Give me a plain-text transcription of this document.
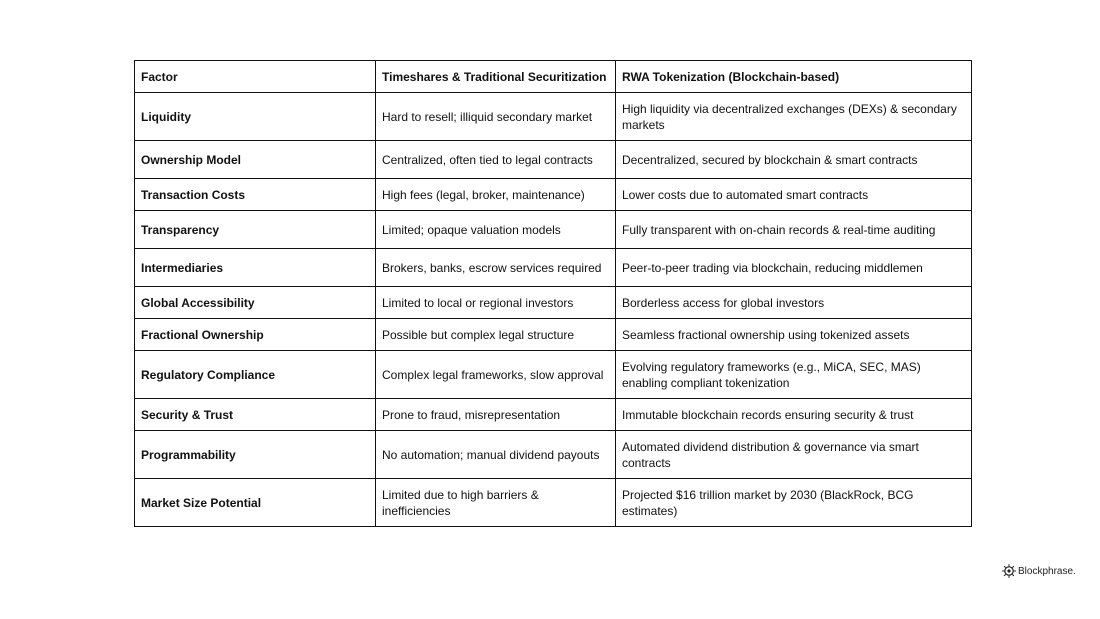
Factor	Timeshares & Traditional Securitization	RWA Tokenization (Blockchain-based)
Liquidity	Hard to resell; illiquid secondary market	High liquidity via decentralized exchanges (DEXs) & secondary markets
Ownership Model	Centralized, often tied to legal contracts	Decentralized, secured by blockchain & smart contracts
Transaction Costs	High fees (legal, broker, maintenance)	Lower costs due to automated smart contracts
Transparency	Limited; opaque valuation models	Fully transparent with on-chain records & real-time auditing
Intermediaries	Brokers, banks, escrow services required	Peer-to-peer trading via blockchain, reducing middlemen
Global Accessibility	Limited to local or regional investors	Borderless access for global investors
Fractional Ownership	Possible but complex legal structure	Seamless fractional ownership using tokenized assets
Regulatory Compliance	Complex legal frameworks, slow approval	Evolving regulatory frameworks (e.g., MiCA, SEC, MAS) enabling compliant tokenization
Security & Trust	Prone to fraud, misrepresentation	Immutable blockchain records ensuring security & trust
Programmability	No automation; manual dividend payouts	Automated dividend distribution & governance via smart contracts
Market Size Potential	Limited due to high barriers & inefficiencies	Projected $16 trillion market by 2030 (BlackRock, BCG estimates)
Blockphrase.
